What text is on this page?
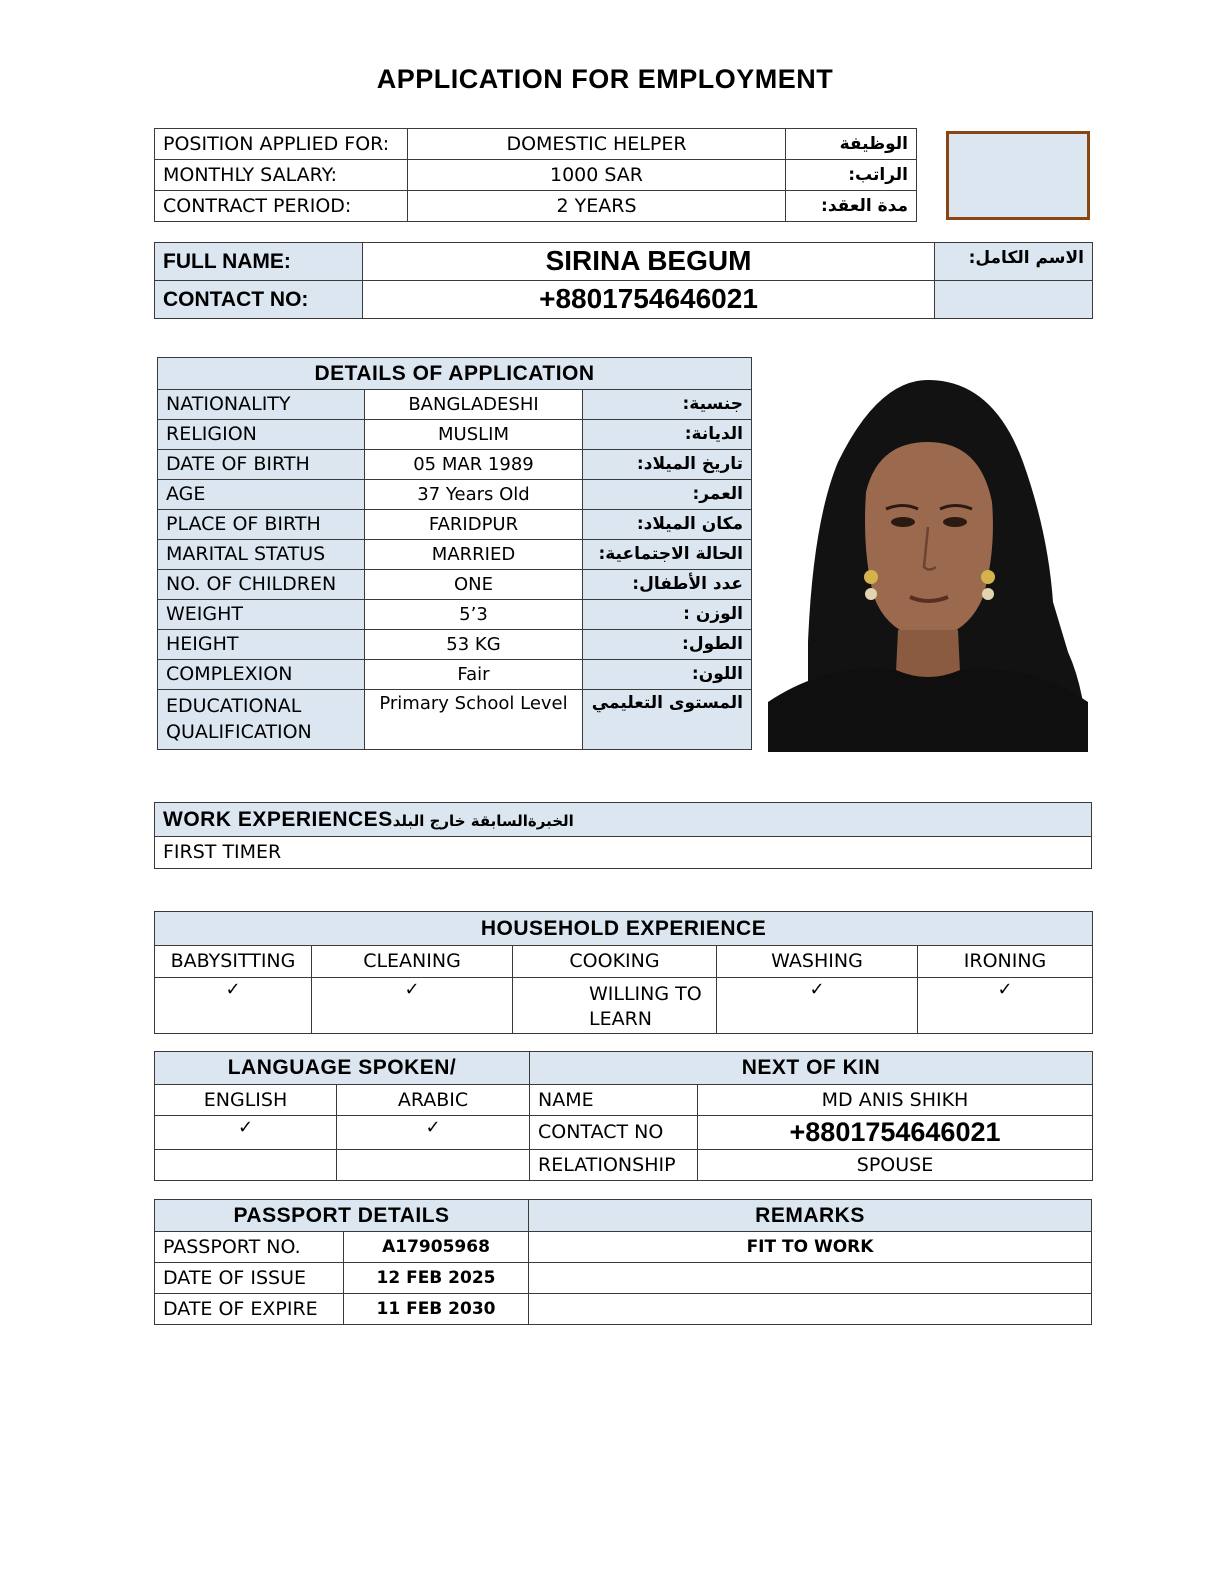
APPLICATION FOR EMPLOYMENT
POSITION APPLIED FOR:	DOMESTIC HELPER	الوظيفة
MONTHLY SALARY:	1000 SAR	الراتب:
CONTRACT PERIOD:	2 YEARS	مدة العقد:
FULL NAME:	SIRINA BEGUM	الاسم الكامل:
CONTACT NO:	+8801754646021	
DETAILS OF APPLICATION		
NATIONALITY	BANGLADESHI	جنسية:
RELIGION	MUSLIM	الديانة:
DATE OF BIRTH	05 MAR 1989	تاريخ الميلاد:
AGE	37 Years Old	العمر:
PLACE OF BIRTH	FARIDPUR	مكان الميلاد:
MARITAL STATUS	MARRIED	الحالة الاجتماعية:
NO. OF CHILDREN	ONE	عدد الأطفال:
WEIGHT	5’3	الوزن :
HEIGHT	53 KG	الطول:
COMPLEXION	Fair	اللون:
EDUCATIONAL
QUALIFICATION	Primary School Level	المستوى التعليمي
WORK EXPERIENCESالخبرةالسابقة خارج البلد
FIRST TIMER
HOUSEHOLD EXPERIENCE				
BABYSITTING	CLEANING	COOKING	WASHING	IRONING
✓	✓	WILLING TO LEARN	✓	✓
LANGUAGE SPOKEN/		NEXT OF KIN	
ENGLISH	ARABIC	NAME	MD ANIS SHIKH
✓	✓	CONTACT NO	+8801754646021
		RELATIONSHIP	SPOUSE
PASSPORT DETAILS		REMARKS
PASSPORT NO.	A17905968	FIT TO WORK
DATE OF ISSUE	12 FEB 2025	
DATE OF EXPIRE	11 FEB 2030	
